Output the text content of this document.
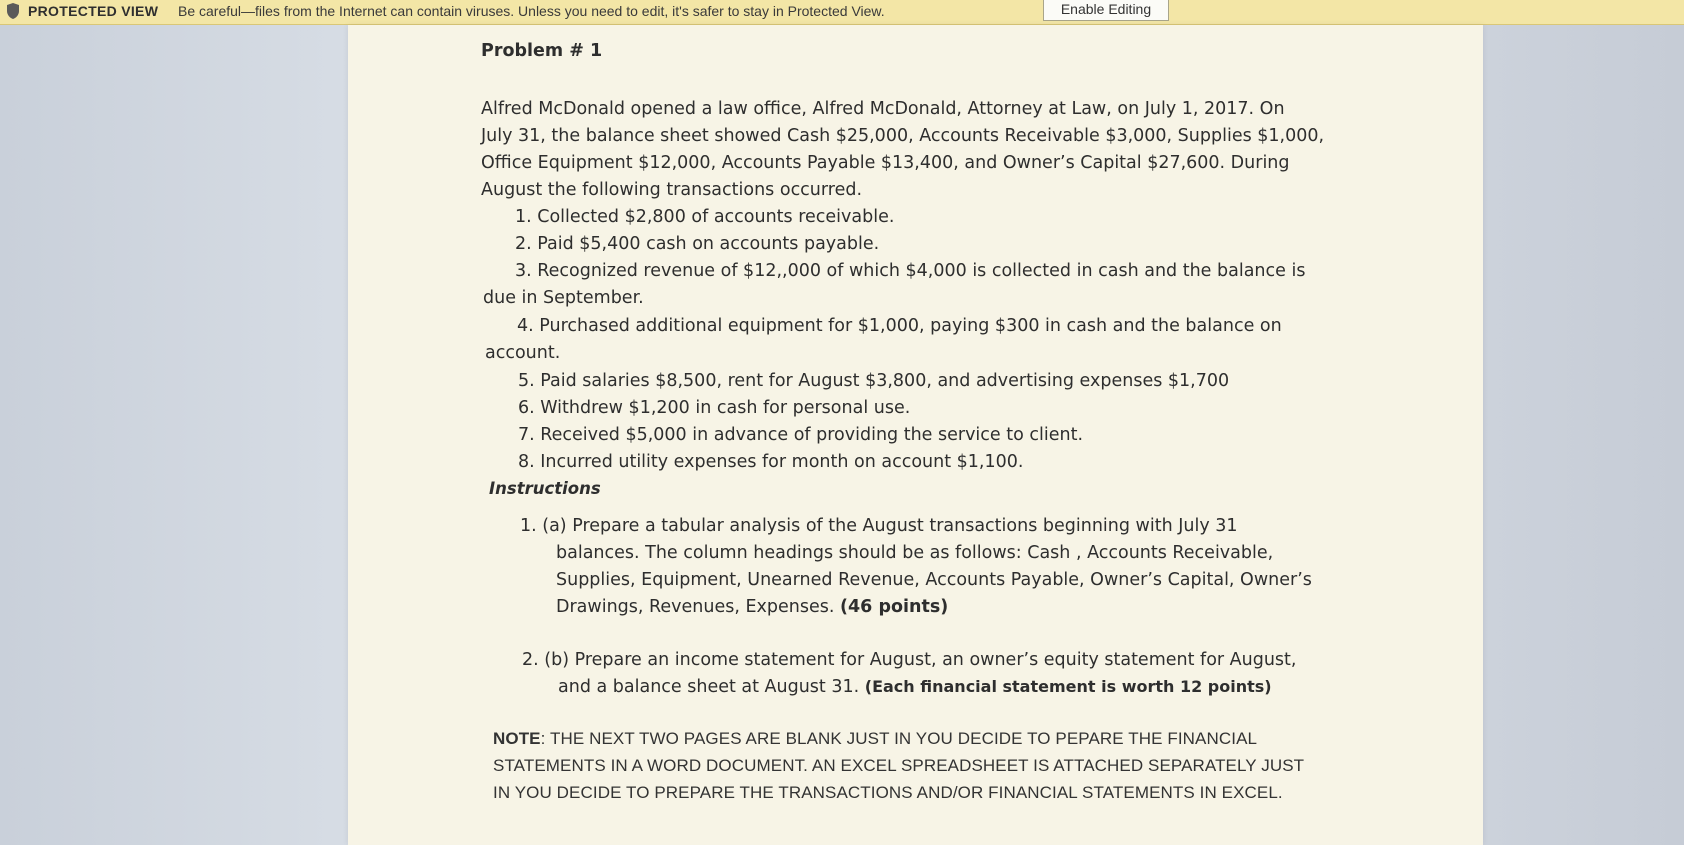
PROTECTED VIEW Be careful—files from the Internet can contain viruses. Unless you need to edit, it's safer to stay in Protected View.	Enable Editing
Problem # 1
Alfred McDonald opened a law office, Alfred McDonald, Attorney at Law, on July 1, 2017. On
July 31, the balance sheet showed Cash $25,000, Accounts Receivable $3,000, Supplies $1,000,
Office Equipment $12,000, Accounts Payable $13,400, and Owner’s Capital $27,600. During
August the following transactions occurred.
1. Collected $2,800 of accounts receivable.
2. Paid $5,400 cash on accounts payable.
3. Recognized revenue of $12,,000 of which $4,000 is collected in cash and the balance is
due in September.
4. Purchased additional equipment for $1,000, paying $300 in cash and the balance on
account.
5. Paid salaries $8,500, rent for August $3,800, and advertising expenses $1,700
6. Withdrew $1,200 in cash for personal use.
7. Received $5,000 in advance of providing the service to client.
8. Incurred utility expenses for month on account $1,100.
Instructions
1. (a) Prepare a tabular analysis of the August transactions beginning with July 31
balances. The column headings should be as follows: Cash , Accounts Receivable,
Supplies, Equipment, Unearned Revenue, Accounts Payable, Owner’s Capital, Owner’s
Drawings, Revenues, Expenses. (46 points)
2. (b) Prepare an income statement for August, an owner’s equity statement for August,
and a balance sheet at August 31. (Each financial statement is worth 12 points)
NOTE: THE NEXT TWO PAGES ARE BLANK JUST IN YOU DECIDE TO PEPARE THE FINANCIAL
STATEMENTS IN A WORD DOCUMENT. AN EXCEL SPREADSHEET IS ATTACHED SEPARATELY JUST
IN YOU DECIDE TO PREPARE THE TRANSACTIONS AND/OR FINANCIAL STATEMENTS IN EXCEL.
